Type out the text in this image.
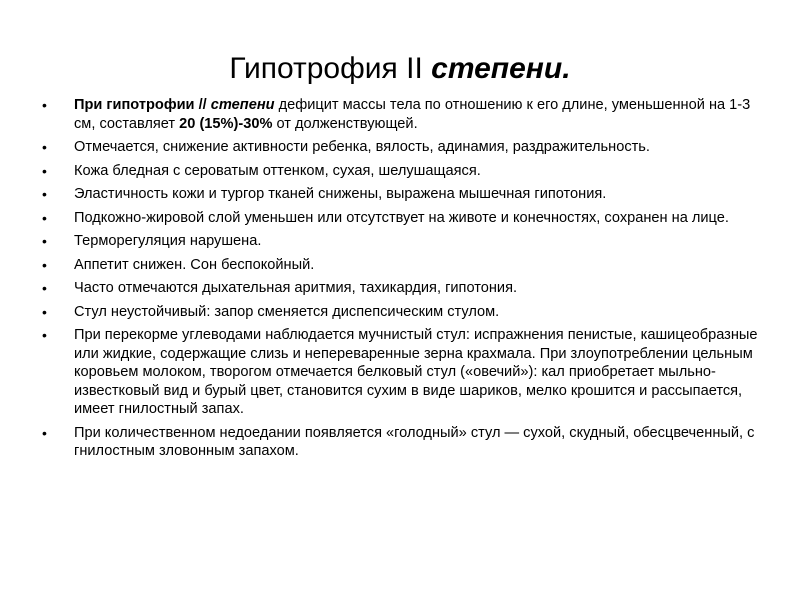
Гипотрофия II степени.
• При гипотрофии // степени дефицит массы тела по отношению к его длине, уменьшенной на 1-3 см, составляет 20 (15%)-30% от долженствующей.
• Отмечается, снижение активности ребенка, вялость, адинамия, раздражительность.
• Кожа бледная с сероватым оттенком, сухая, шелушащаяся.
• Эластичность кожи и тургор тканей снижены, выражена мышечная гипотония.
• Подкожно-жировой слой уменьшен или отсутствует на животе и конечностях, сохранен на лице.
• Терморегуляция нарушена.
• Аппетит снижен. Сон беспокойный.
• Часто отмечаются дыхательная аритмия, тахикардия, гипотония.
• Стул неустойчивый: запор сменяется диспепсическим стулом.
• При перекорме углеводами наблюдается мучнистый стул: испражнения пенистые, кашицеобразные или жидкие, содержащие слизь и непереваренные зерна крахмала. При злоупотреблении цельным коровьем молоком, творогом отмечается белковый стул («овечий»): кал приобретает мыльно-известковый вид и бурый цвет, становится сухим в виде шариков, мелко крошится и рассыпается, имеет гнилостный запах.
• При количественном недоедании появляется «голодный» стул — сухой, скудный, обесцвеченный, с гнилостным зловонным запахом.
